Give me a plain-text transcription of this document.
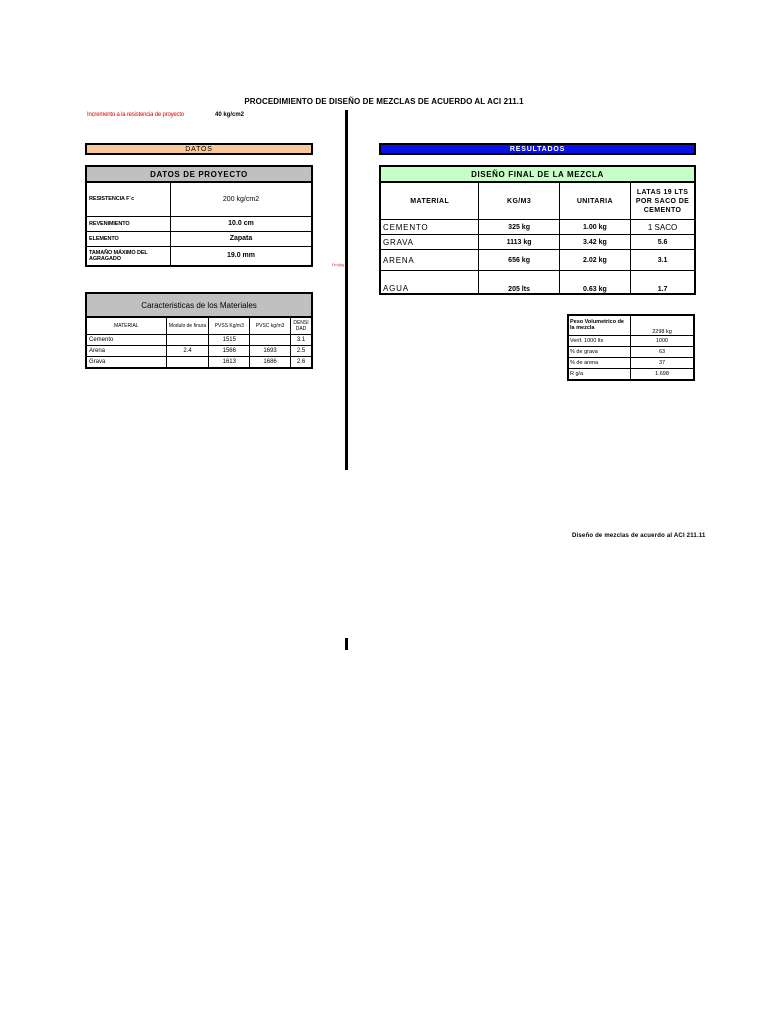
PROCEDIMIENTO DE DISEÑO DE MEZCLAS DE ACUERDO AL ACI 211.1
Incremento a la resistencia de proyecto	40 kg/cm2
f'c=(kg
DATOS	RESULTADOS
DATOS DE PROYECTO	
RESISTENCIA F´c	200 kg/cm2
REVENIMIENTO	10.0 cm
ELEMENTO	Zapata
TAMAÑO MÁXIMO DEL AGRAGADO	19.0 mm
Caracteristicas de los Materiales				
MATERIAL	Modulo de finura	PVSS Kg/m3	PVSC kg/m3	DENSIDAD
Cemento		1515		3.1
Arena	2.4	1566	1693	2.5
Grava		1613	1686	2.6
DISEÑO FINAL DE LA MEZCLA			
MATERIAL	KG/M3	UNITARIA	LATAS 19 LTS POR SACO DE CEMENTO
CEMENTO	325 kg	1.00 kg	1 SACO
GRAVA	1113 kg	3.42 kg	5.6
ARENA	656 kg	2.02 kg	3.1
AGUA	205 lts	0.63 kg	1.7
Peso Volumetrico de la mezcla	2298 kg
Verif. 1000 lts	1000
% de grava	63
% de arena	37
R g/a	1.698
Diseño de mezclas de acuerdo al ACI 211.11
